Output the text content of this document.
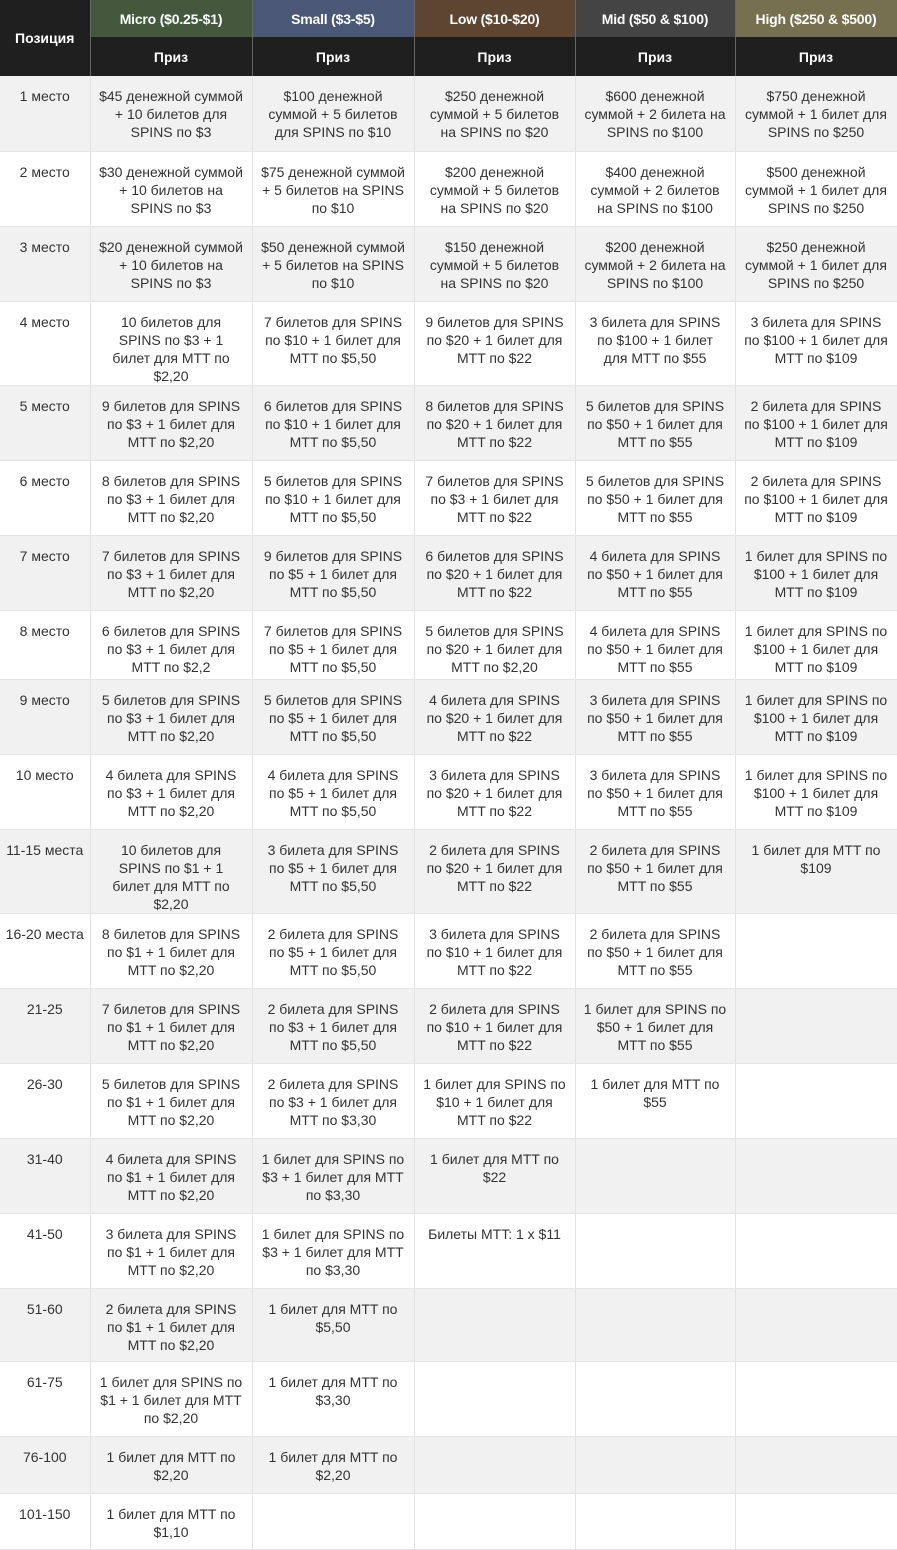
Позиция	Micro ($0.25-$1)	Small ($3-$5)	Low ($10-$20)	Mid ($50 & $100)	High ($250 & $500)
	Приз	Приз	Приз	Приз	Приз
1 место	$45 денежной суммой + 10 билетов для SPINS по $3	$100 денежной суммой + 5 билетов для SPINS по $10	$250 денежной суммой + 5 билетов на SPINS по $20	$600 денежной суммой + 2 билета на SPINS по $100	$750 денежной суммой + 1 билет для SPINS по $250
2 место	$30 денежной суммой + 10 билетов на SPINS по $3	$75 денежной суммой + 5 билетов на SPINS по $10	$200 денежной суммой + 5 билетов на SPINS по $20	$400 денежной суммой + 2 билетов на SPINS по $100	$500 денежной суммой + 1 билет для SPINS по $250
3 место	$20 денежной суммой + 10 билетов на SPINS по $3	$50 денежной суммой + 5 билетов на SPINS по $10	$150 денежной суммой + 5 билетов на SPINS по $20	$200 денежной суммой + 2 билета на SPINS по $100	$250 денежной суммой + 1 билет для SPINS по $250
4 место	10 билетов для SPINS по $3 + 1 билет для MTT по $2,20	7 билетов для SPINS по $10 + 1 билет для MTT по $5,50	9 билетов для SPINS по $20 + 1 билет для MTT по $22	3 билета для SPINS по $100 + 1 билет для MTT по $55	3 билета для SPINS по $100 + 1 билет для MTT по $109
5 место	9 билетов для SPINS по $3 + 1 билет для MTT по $2,20	6 билетов для SPINS по $10 + 1 билет для MTT по $5,50	8 билетов для SPINS по $20 + 1 билет для MTT по $22	5 билетов для SPINS по $50 + 1 билет для MTT по $55	2 билета для SPINS по $100 + 1 билет для MTT по $109
6 место	8 билетов для SPINS по $3 + 1 билет для MTT по $2,20	5 билетов для SPINS по $10 + 1 билет для MTT по $5,50	7 билетов для SPINS по $3 + 1 билет для MTT по $22	5 билетов для SPINS по $50 + 1 билет для MTT по $55	2 билета для SPINS по $100 + 1 билет для MTT по $109
7 место	7 билетов для SPINS по $3 + 1 билет для MTT по $2,20	9 билетов для SPINS по $5 + 1 билет для MTT по $5,50	6 билетов для SPINS по $20 + 1 билет для MTT по $22	4 билета для SPINS по $50 + 1 билет для MTT по $55	1 билет для SPINS по $100 + 1 билет для MTT по $109
8 место	6 билетов для SPINS по $3 + 1 билет для MTT по $2,2	7 билетов для SPINS по $5 + 1 билет для MTT по $5,50	5 билетов для SPINS по $20 + 1 билет для MTT по $2,20	4 билета для SPINS по $50 + 1 билет для MTT по $55	1 билет для SPINS по $100 + 1 билет для MTT по $109
9 место	5 билетов для SPINS по $3 + 1 билет для MTT по $2,20	5 билетов для SPINS по $5 + 1 билет для MTT по $5,50	4 билета для SPINS по $20 + 1 билет для MTT по $22	3 билета для SPINS по $50 + 1 билет для MTT по $55	1 билет для SPINS по $100 + 1 билет для MTT по $109
10 место	4 билета для SPINS по $3 + 1 билет для MTT по $2,20	4 билета для SPINS по $5 + 1 билет для MTT по $5,50	3 билета для SPINS по $20 + 1 билет для MTT по $22	3 билета для SPINS по $50 + 1 билет для MTT по $55	1 билет для SPINS по $100 + 1 билет для MTT по $109
11-15 места	10 билетов для SPINS по $1 + 1 билет для MTT по $2,20	3 билета для SPINS по $5 + 1 билет для MTT по $5,50	2 билета для SPINS по $20 + 1 билет для MTT по $22	2 билета для SPINS по $50 + 1 билет для MTT по $55	1 билет для MTT по $109
16-20 места	8 билетов для SPINS по $1 + 1 билет для MTT по $2,20	2 билета для SPINS по $5 + 1 билет для MTT по $5,50	3 билета для SPINS по $10 + 1 билет для MTT по $22	2 билета для SPINS по $50 + 1 билет для MTT по $55	
21-25	7 билетов для SPINS по $1 + 1 билет для MTT по $2,20	2 билета для SPINS по $3 + 1 билет для MTT по $5,50	2 билета для SPINS по $10 + 1 билет для MTT по $22	1 билет для SPINS по $50 + 1 билет для MTT по $55	
26-30	5 билетов для SPINS по $1 + 1 билет для MTT по $2,20	2 билета для SPINS по $3 + 1 билет для MTT по $3,30	1 билет для SPINS по $10 + 1 билет для MTT по $22	1 билет для MTT по $55	
31-40	4 билета для SPINS по $1 + 1 билет для MTT по $2,20	1 билет для SPINS по $3 + 1 билет для MTT по $3,30	1 билет для MTT по $22		
41-50	3 билета для SPINS по $1 + 1 билет для MTT по $2,20	1 билет для SPINS по $3 + 1 билет для MTT по $3,30	Билеты MTT: 1 x $11		
51-60	2 билета для SPINS по $1 + 1 билет для MTT по $2,20	1 билет для MTT по $5,50			
61-75	1 билет для SPINS по $1 + 1 билет для MTT по $2,20	1 билет для MTT по $3,30			
76-100	1 билет для MTT по $2,20	1 билет для MTT по $2,20			
101-150	1 билет для MTT по $1,10				
